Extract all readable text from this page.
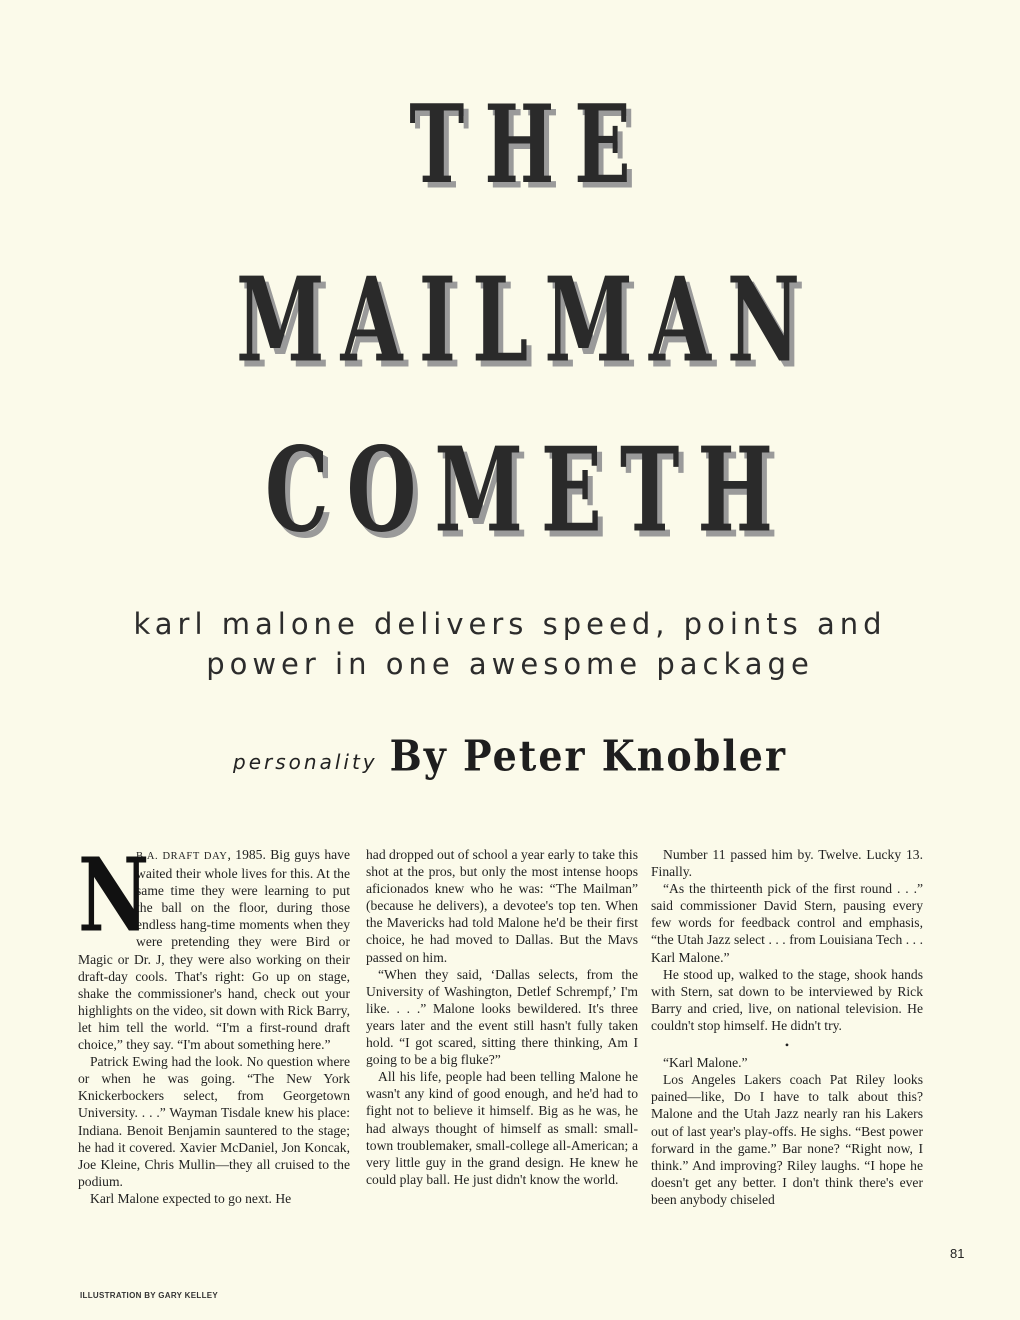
THE
MAILMAN
COMETH
karl malone delivers speed, points and
power in one awesome package
personality By Peter Knobler

N
B.A. DRAFT DAY, 1985. Big guys have waited their whole lives for this. At the same time they were learning to put the ball on the floor, during those endless hang-time moments when they were pretending they were Bird or Magic or Dr. J, they were also working on their draft-day cools. That's right: Go up on stage, shake the commissioner's hand, check out your highlights on the video, sit down with Rick Barry, let him tell the world. “I'm a first-round draft choice,” they say. “I'm about something here.”

Patrick Ewing had the look. No question where or when he was going. “The New York Knickerbockers select, from Georgetown University. . . .” Wayman Tisdale knew his place: Indiana. Benoit Benjamin sauntered to the stage; he had it covered. Xavier McDaniel, Jon Koncak, Joe Kleine, Chris Mullin—they all cruised to the podium.

Karl Malone expected to go next. He

had dropped out of school a year early to take this shot at the pros, but only the most intense hoops aficionados knew who he was: “The Mailman” (because he delivers), a devotee's top ten. When the Mavericks had told Malone he'd be their first choice, he had moved to Dallas. But the Mavs passed on him.

“When they said, ‘Dallas selects, from the University of Washington, Detlef Schrempf,’ I'm like. . . .” Malone looks bewildered. It's three years later and the event still hasn't fully taken hold. “I got scared, sitting there thinking, Am I going to be a big fluke?”

All his life, people had been telling Malone he wasn't any kind of good enough, and he'd had to fight not to believe it himself. Big as he was, he had always thought of himself as small: small-town troublemaker, small-college all-American; a very little guy in the grand design. He knew he could play ball. He just didn't know the world.

Number 11 passed him by. Twelve. Lucky 13. Finally.

“As the thirteenth pick of the first round . . .” said commissioner David Stern, pausing every few words for feedback control and emphasis, “the Utah Jazz select . . . from Louisiana Tech . . . Karl Malone.”

He stood up, walked to the stage, shook hands with Stern, sat down to be interviewed by Rick Barry and cried, live, on national television. He couldn't stop himself. He didn't try.

•

“Karl Malone.”

Los Angeles Lakers coach Pat Riley looks pained—like, Do I have to talk about this? Malone and the Utah Jazz nearly ran his Lakers out of last year's play-offs. He sighs. “Best power forward in the game.” Bar none? “Right now, I think.” And improving? Riley laughs. “I hope he doesn't get any better. I don't think there's ever been anybody chiseled

81
ILLUSTRATION BY GARY KELLEY
